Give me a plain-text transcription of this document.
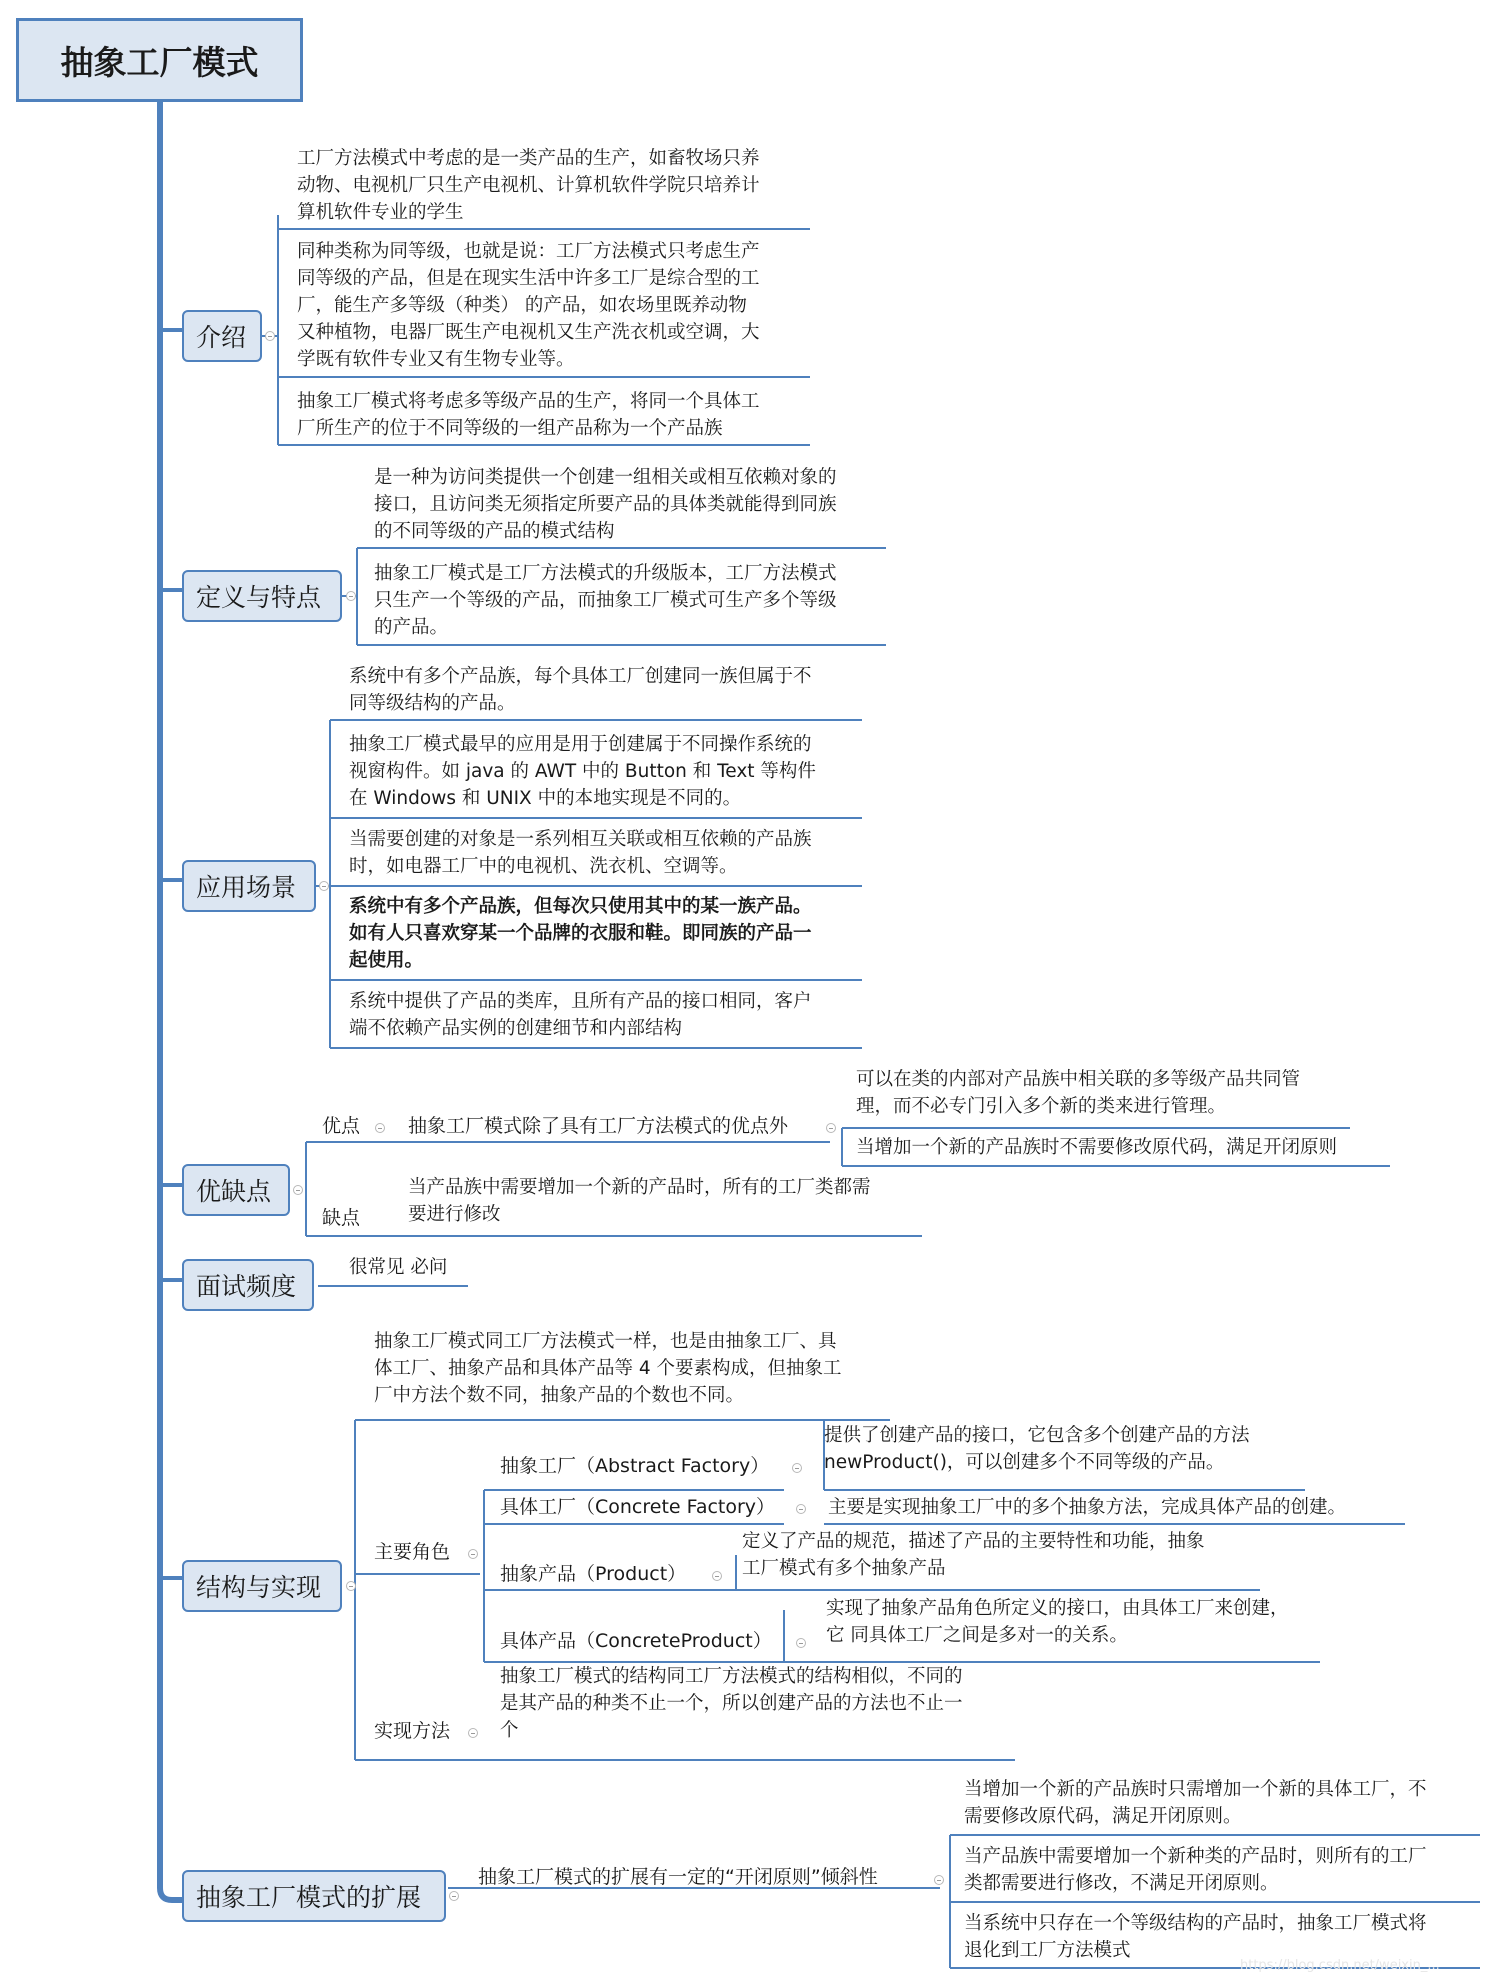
抽象工厂模式
介绍
工厂方法模式中考虑的是一类产品的生产，如畜牧场只养
动物、电视机厂只生产电视机、计算机软件学院只培养计
算机软件专业的学生
同种类称为同等级，也就是说：工厂方法模式只考虑生产
同等级的产品，但是在现实生活中许多工厂是综合型的工
厂，能生产多等级（种类） 的产品，如农场里既养动物
又种植物，电器厂既生产电视机又生产洗衣机或空调，大
学既有软件专业又有生物专业等。
抽象工厂模式将考虑多等级产品的生产，将同一个具体工
厂所生产的位于不同等级的一组产品称为一个产品族
定义与特点
是一种为访问类提供一个创建一组相关或相互依赖对象的
接口，且访问类无须指定所要产品的具体类就能得到同族
的不同等级的产品的模式结构
抽象工厂模式是工厂方法模式的升级版本，工厂方法模式
只生产一个等级的产品，而抽象工厂模式可生产多个等级
的产品。
应用场景
系统中有多个产品族，每个具体工厂创建同一族但属于不
同等级结构的产品。
抽象工厂模式最早的应用是用于创建属于不同操作系统的
视窗构件。如 java 的 AWT 中的 Button 和 Text 等构件
在 Windows 和 UNIX 中的本地实现是不同的。
当需要创建的对象是一系列相互关联或相互依赖的产品族
时，如电器工厂中的电视机、洗衣机、空调等。
系统中有多个产品族，但每次只使用其中的某一族产品。
如有人只喜欢穿某一个品牌的衣服和鞋。即同族的产品一
起使用。
系统中提供了产品的类库，且所有产品的接口相同，客户
端不依赖产品实例的创建细节和内部结构
优缺点
优点	抽象工厂模式除了具有工厂方法模式的优点外
可以在类的内部对产品族中相关联的多等级产品共同管
理，而不必专门引入多个新的类来进行管理。
当增加一个新的产品族时不需要修改原代码，满足开闭原则
缺点
当产品族中需要增加一个新的产品时，所有的工厂类都需
要进行修改
面试频度
很常见 必问
结构与实现
抽象工厂模式同工厂方法模式一样，也是由抽象工厂、具
体工厂、抽象产品和具体产品等 4 个要素构成，但抽象工
厂中方法个数不同，抽象产品的个数也不同。
主要角色
抽象工厂（Abstract Factory）
提供了创建产品的接口，它包含多个创建产品的方法
newProduct()，可以创建多个不同等级的产品。
具体工厂（Concrete Factory）	主要是实现抽象工厂中的多个抽象方法，完成具体产品的创建。
抽象产品（Product）
定义了产品的规范，描述了产品的主要特性和功能，抽象
工厂模式有多个抽象产品
具体产品（ConcreteProduct）
实现了抽象产品角色所定义的接口，由具体工厂来创建，
它 同具体工厂之间是多对一的关系。
实现方法
抽象工厂模式的结构同工厂方法模式的结构相似，不同的
是其产品的种类不止一个，所以创建产品的方法也不止一
个
抽象工厂模式的扩展
抽象工厂模式的扩展有一定的“开闭原则”倾斜性
当增加一个新的产品族时只需增加一个新的具体工厂，不
需要修改原代码，满足开闭原则。
当产品族中需要增加一个新种类的产品时，则所有的工厂
类都需要进行修改，不满足开闭原则。
当系统中只存在一个等级结构的产品时，抽象工厂模式将
退化到工厂方法模式
https://blog.csdn.net/weixin_...
